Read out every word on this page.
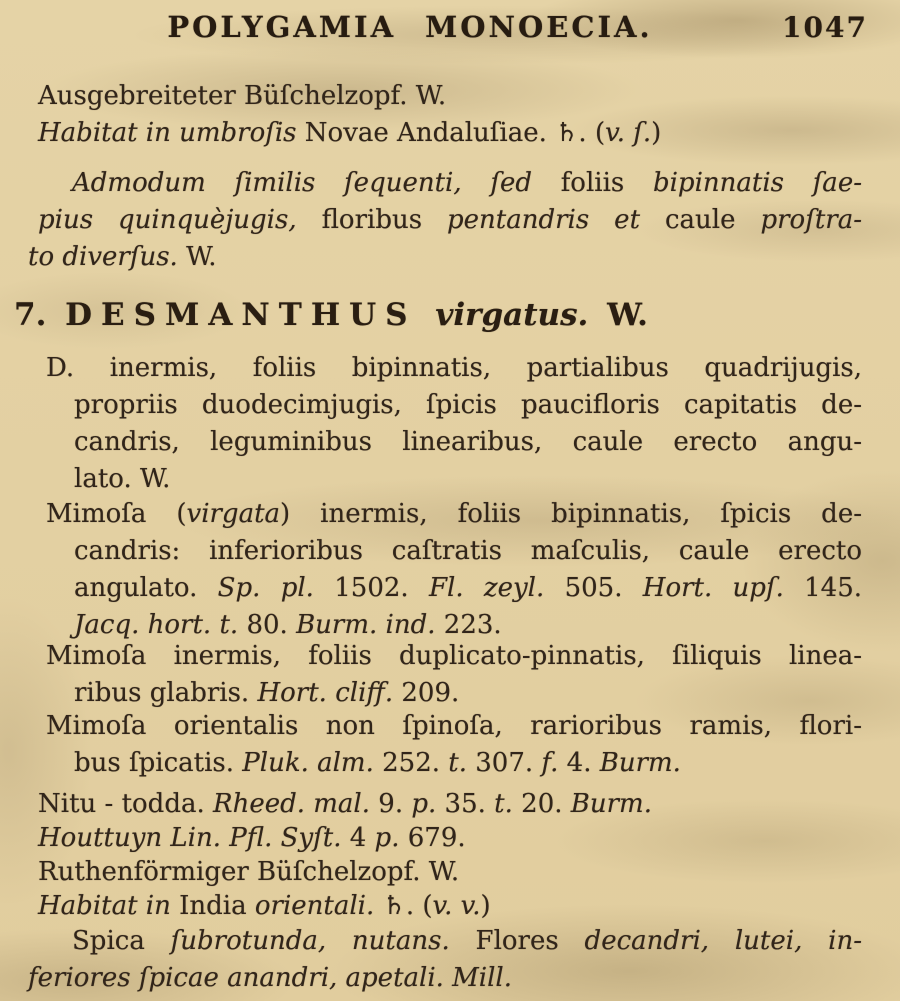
POLYGAMIA MONOECIA.	1047
Ausgebreiteter Büſchelzopf. W.
Habitat in umbroſis Novae Andaluſiae. ♄. (v. ſ.)
Admodum ſimilis ſequenti, ſed foliis bipinnatis ſae-
pius quinquèjugis, floribus pentandris et caule proſtra-
to diverſus. W.
7. DESMANTHUS virgatus. W.
D. inermis, foliis bipinnatis, partialibus quadrijugis,
propriis duodecimjugis, ſpicis paucifloris capitatis de-
candris, leguminibus linearibus, caule erecto angu-
lato. W.
Mimoſa (virgata) inermis, foliis bipinnatis, ſpicis de-
candris: inferioribus caſtratis maſculis, caule erecto
angulato. Sp. pl. 1502. Fl. zeyl. 505. Hort. upſ. 145.
Jacq. hort. t. 80. Burm. ind. 223.
Mimoſa inermis, foliis duplicato-pinnatis, ſiliquis linea-
ribus glabris. Hort. cliff. 209.
Mimoſa orientalis non ſpinoſa, rarioribus ramis, flori-
bus ſpicatis. Pluk. alm. 252. t. 307. f. 4. Burm.
Nitu - todda. Rheed. mal. 9. p. 35. t. 20. Burm.
Houttuyn Lin. Pfl. Syſt. 4 p. 679.
Ruthenförmiger Büſchelzopf. W.
Habitat in India orientali. ♄. (v. v.)
Spica ſubrotunda, nutans. Flores decandri, lutei, in-
feriores ſpicae anandri, apetali. Mill.
